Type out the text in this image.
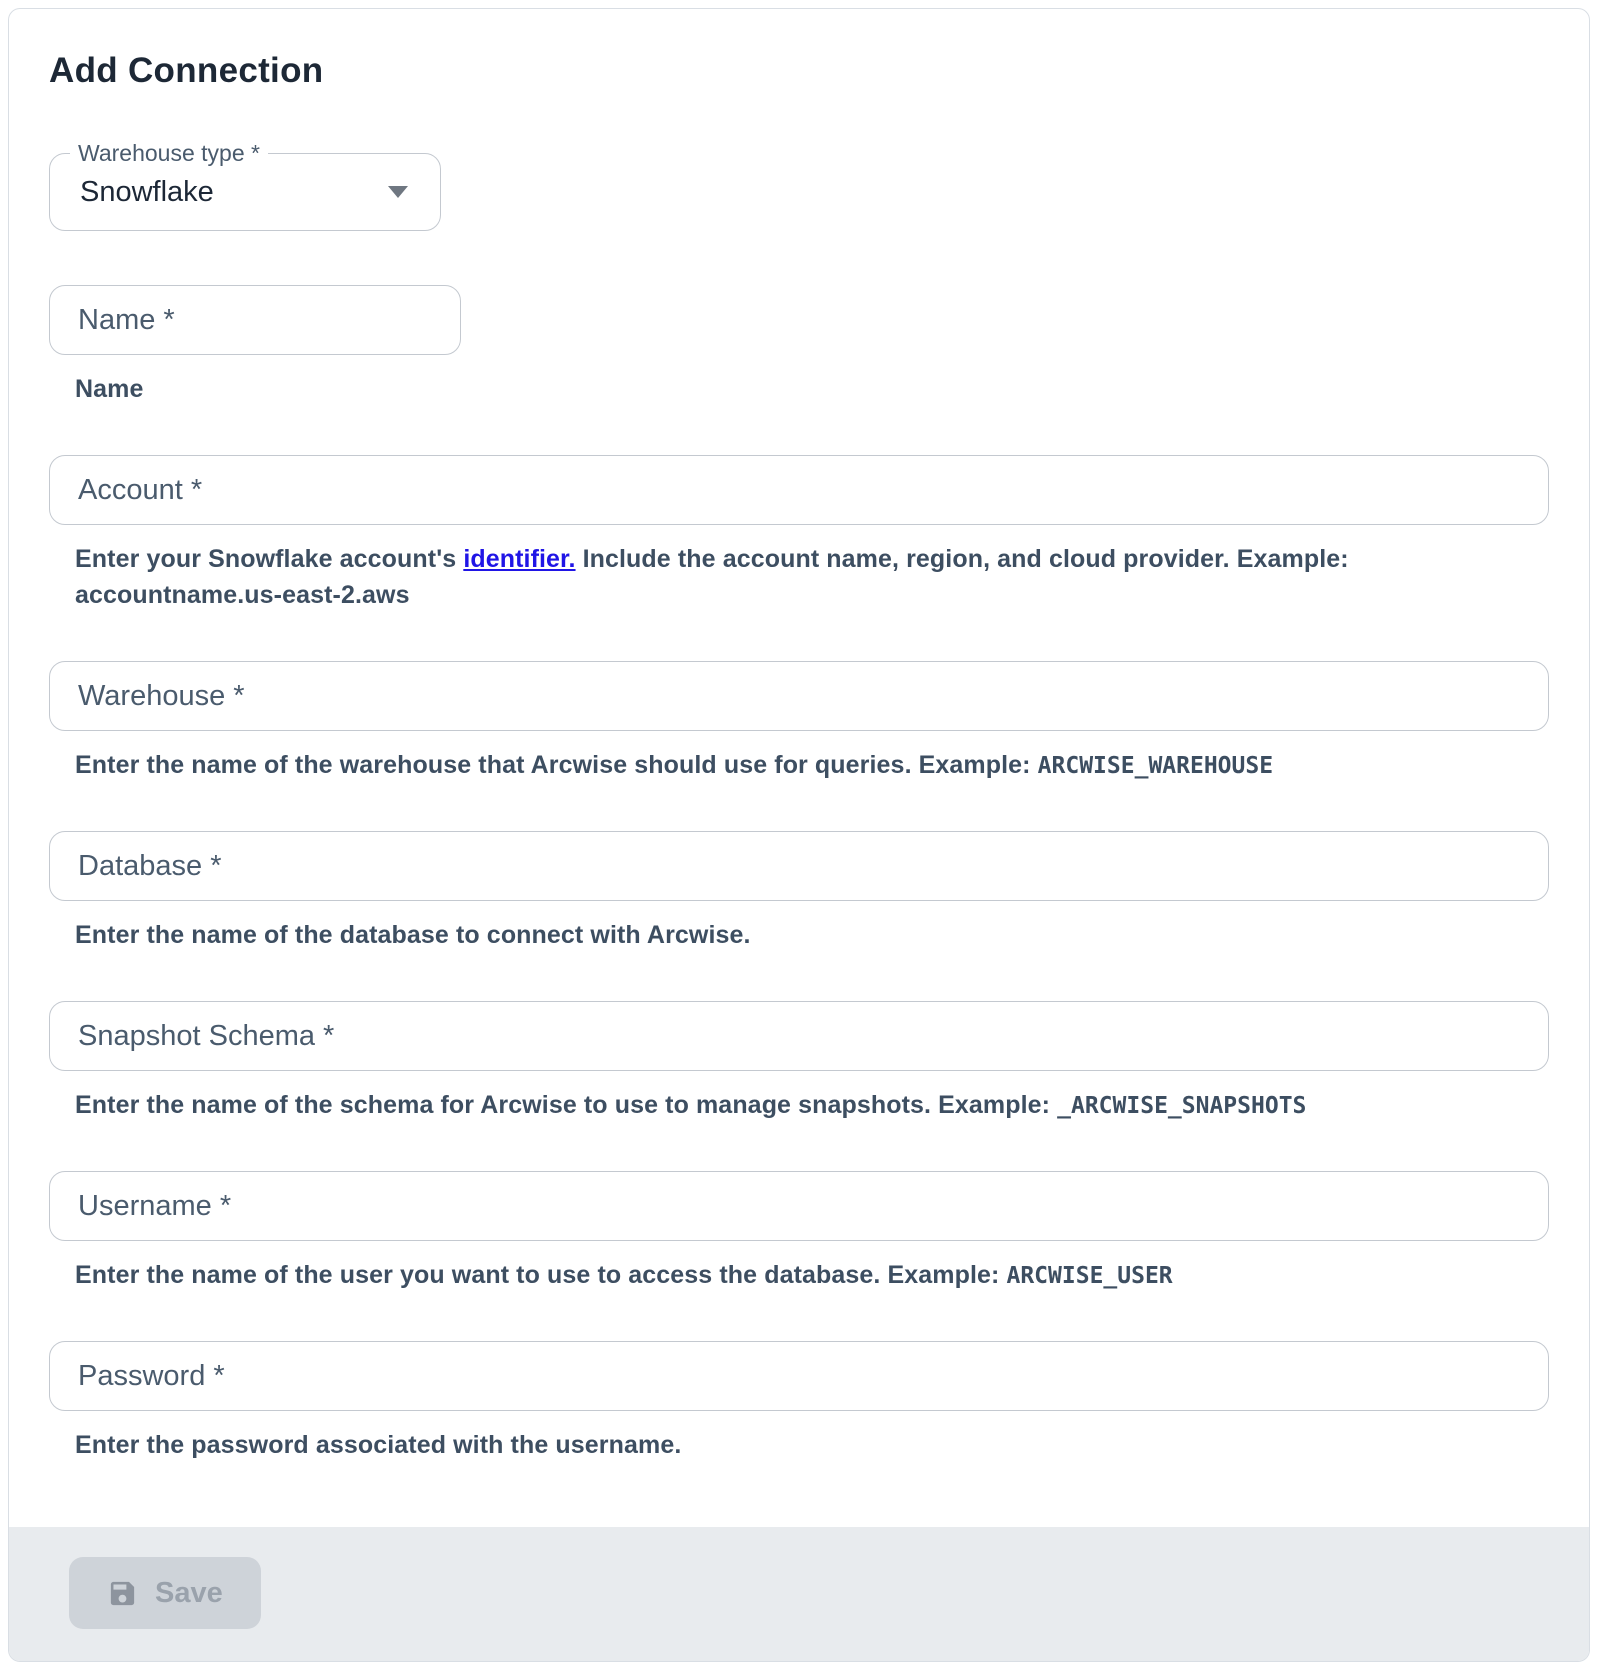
Add Connection
Warehouse type *
Snowflake
Name *

Name

Account *

Enter your Snowflake account's identifier. Include the account name, region, and cloud provider. Example: accountname.us-east-2.aws

Warehouse *

Enter the name of the warehouse that Arcwise should use for queries. Example: ARCWISE_WAREHOUSE

Database *

Enter the name of the database to connect with Arcwise.

Snapshot Schema *

Enter the name of the schema for Arcwise to use to manage snapshots. Example: _ARCWISE_SNAPSHOTS

Username *

Enter the name of the user you want to use to access the database. Example: ARCWISE_USER

Password *

Enter the password associated with the username.

Save
